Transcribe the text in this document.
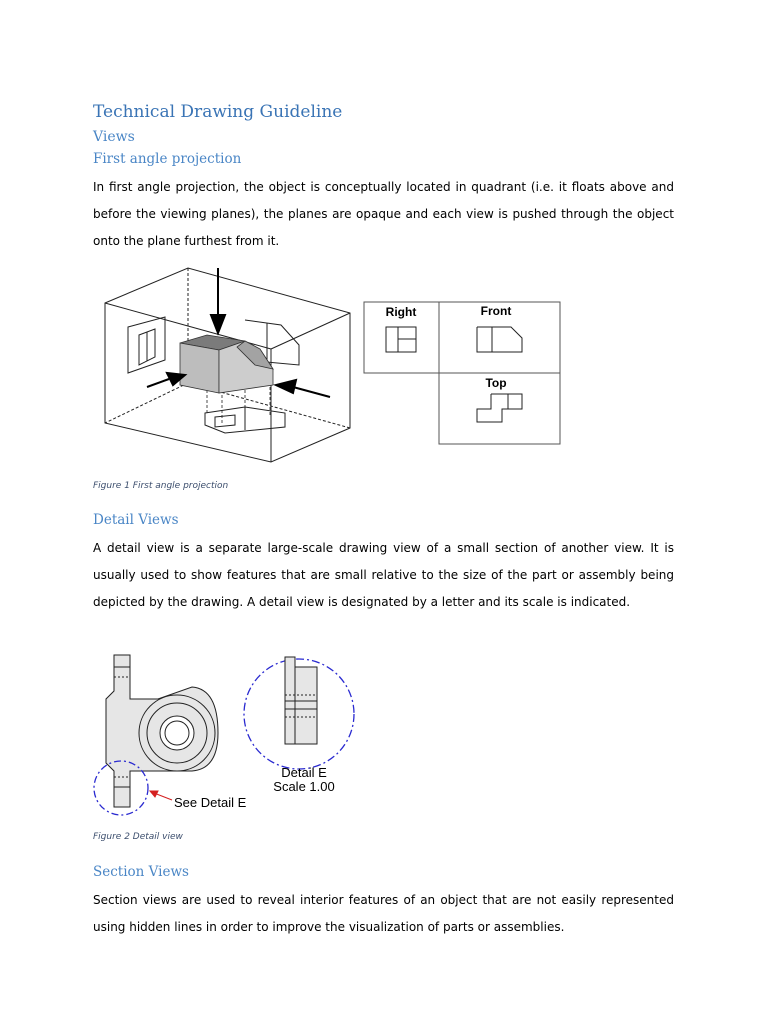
Technical Drawing Guideline
Views
First angle projection

In first angle projection, the object is conceptually located in quadrant (i.e. it floats above and before the viewing planes), the planes are opaque and each view is pushed through the object onto the plane furthest from it.

Right	Front
Top

Figure 1 First angle projection

Detail Views

A detail view is a separate large-scale drawing view of a small section of another view. It is usually used to show features that are small relative to the size of the part or assembly being depicted by the drawing. A detail view is designated by a letter and its scale is indicated.

See Detail E
Detail E
Scale 1.00

Figure 2 Detail view

Section Views

Section views are used to reveal interior features of an object that are not easily represented using hidden lines in order to improve the visualization of parts or assemblies.
